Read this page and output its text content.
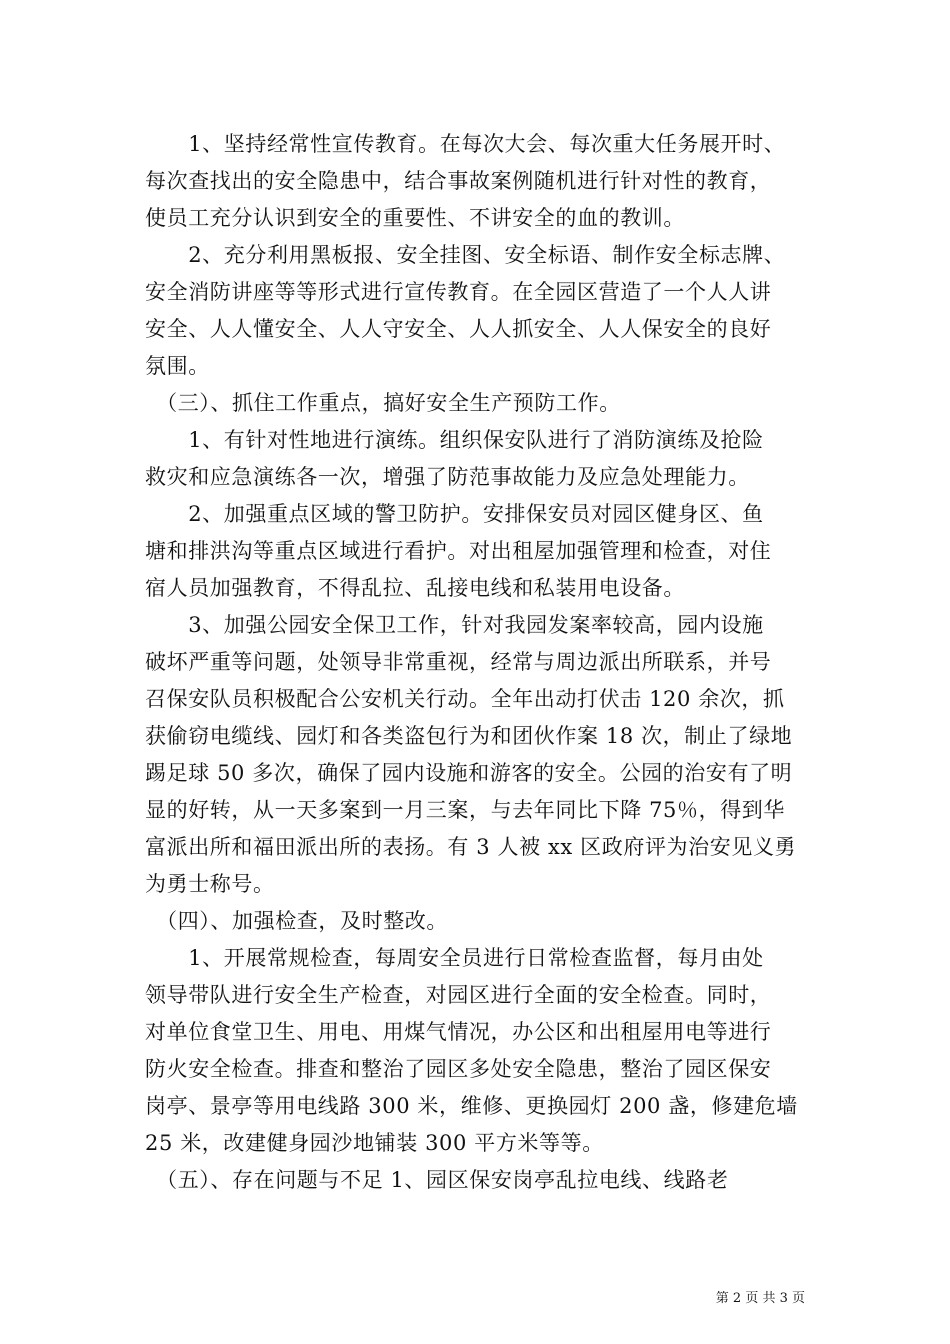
　　1、坚持经常性宣传教育。在每次大会、每次重大任务展开时、

每次查找出的安全隐患中，结合事故案例随机进行针对性的教育，

使员工充分认识到安全的重要性、不讲安全的血的教训。

　　2、充分利用黑板报、安全挂图、安全标语、制作安全标志牌、

安全消防讲座等等形式进行宣传教育。在全园区营造了一个人人讲

安全、人人懂安全、人人守安全、人人抓安全、人人保安全的良好

氛围。

　（三）、抓住工作重点，搞好安全生产预防工作。

　　1、有针对性地进行演练。组织保安队进行了消防演练及抢险

救灾和应急演练各一次，增强了防范事故能力及应急处理能力。

　　2、加强重点区域的警卫防护。安排保安员对园区健身区、鱼

塘和排洪沟等重点区域进行看护。对出租屋加强管理和检查，对住

宿人员加强教育，不得乱拉、乱接电线和私装用电设备。

　　3、加强公园安全保卫工作，针对我园发案率较高，园内设施

破坏严重等问题，处领导非常重视，经常与周边派出所联系，并号

召保安队员积极配合公安机关行动。全年出动打伏击 120 余次，抓

获偷窃电缆线、园灯和各类盗包行为和团伙作案 18 次，制止了绿地

踢足球 50 多次，确保了园内设施和游客的安全。公园的治安有了明

显的好转，从一天多案到一月三案，与去年同比下降 75％，得到华

富派出所和福田派出所的表扬。有 3 人被 xx 区政府评为治安见义勇

为勇士称号。

　（四）、加强检查，及时整改。

　　1、开展常规检查，每周安全员进行日常检查监督，每月由处

领导带队进行安全生产检查，对园区进行全面的安全检查。同时，

对单位食堂卫生、用电、用煤气情况，办公区和出租屋用电等进行

防火安全检查。排查和整治了园区多处安全隐患，整治了园区保安

岗亭、景亭等用电线路 300 米，维修、更换园灯 200 盏，修建危墙

25 米，改建健身园沙地铺装 300 平方米等等。

　（五）、存在问题与不足 1、园区保安岗亭乱拉电线、线路老

第 2 页 共 3 页
